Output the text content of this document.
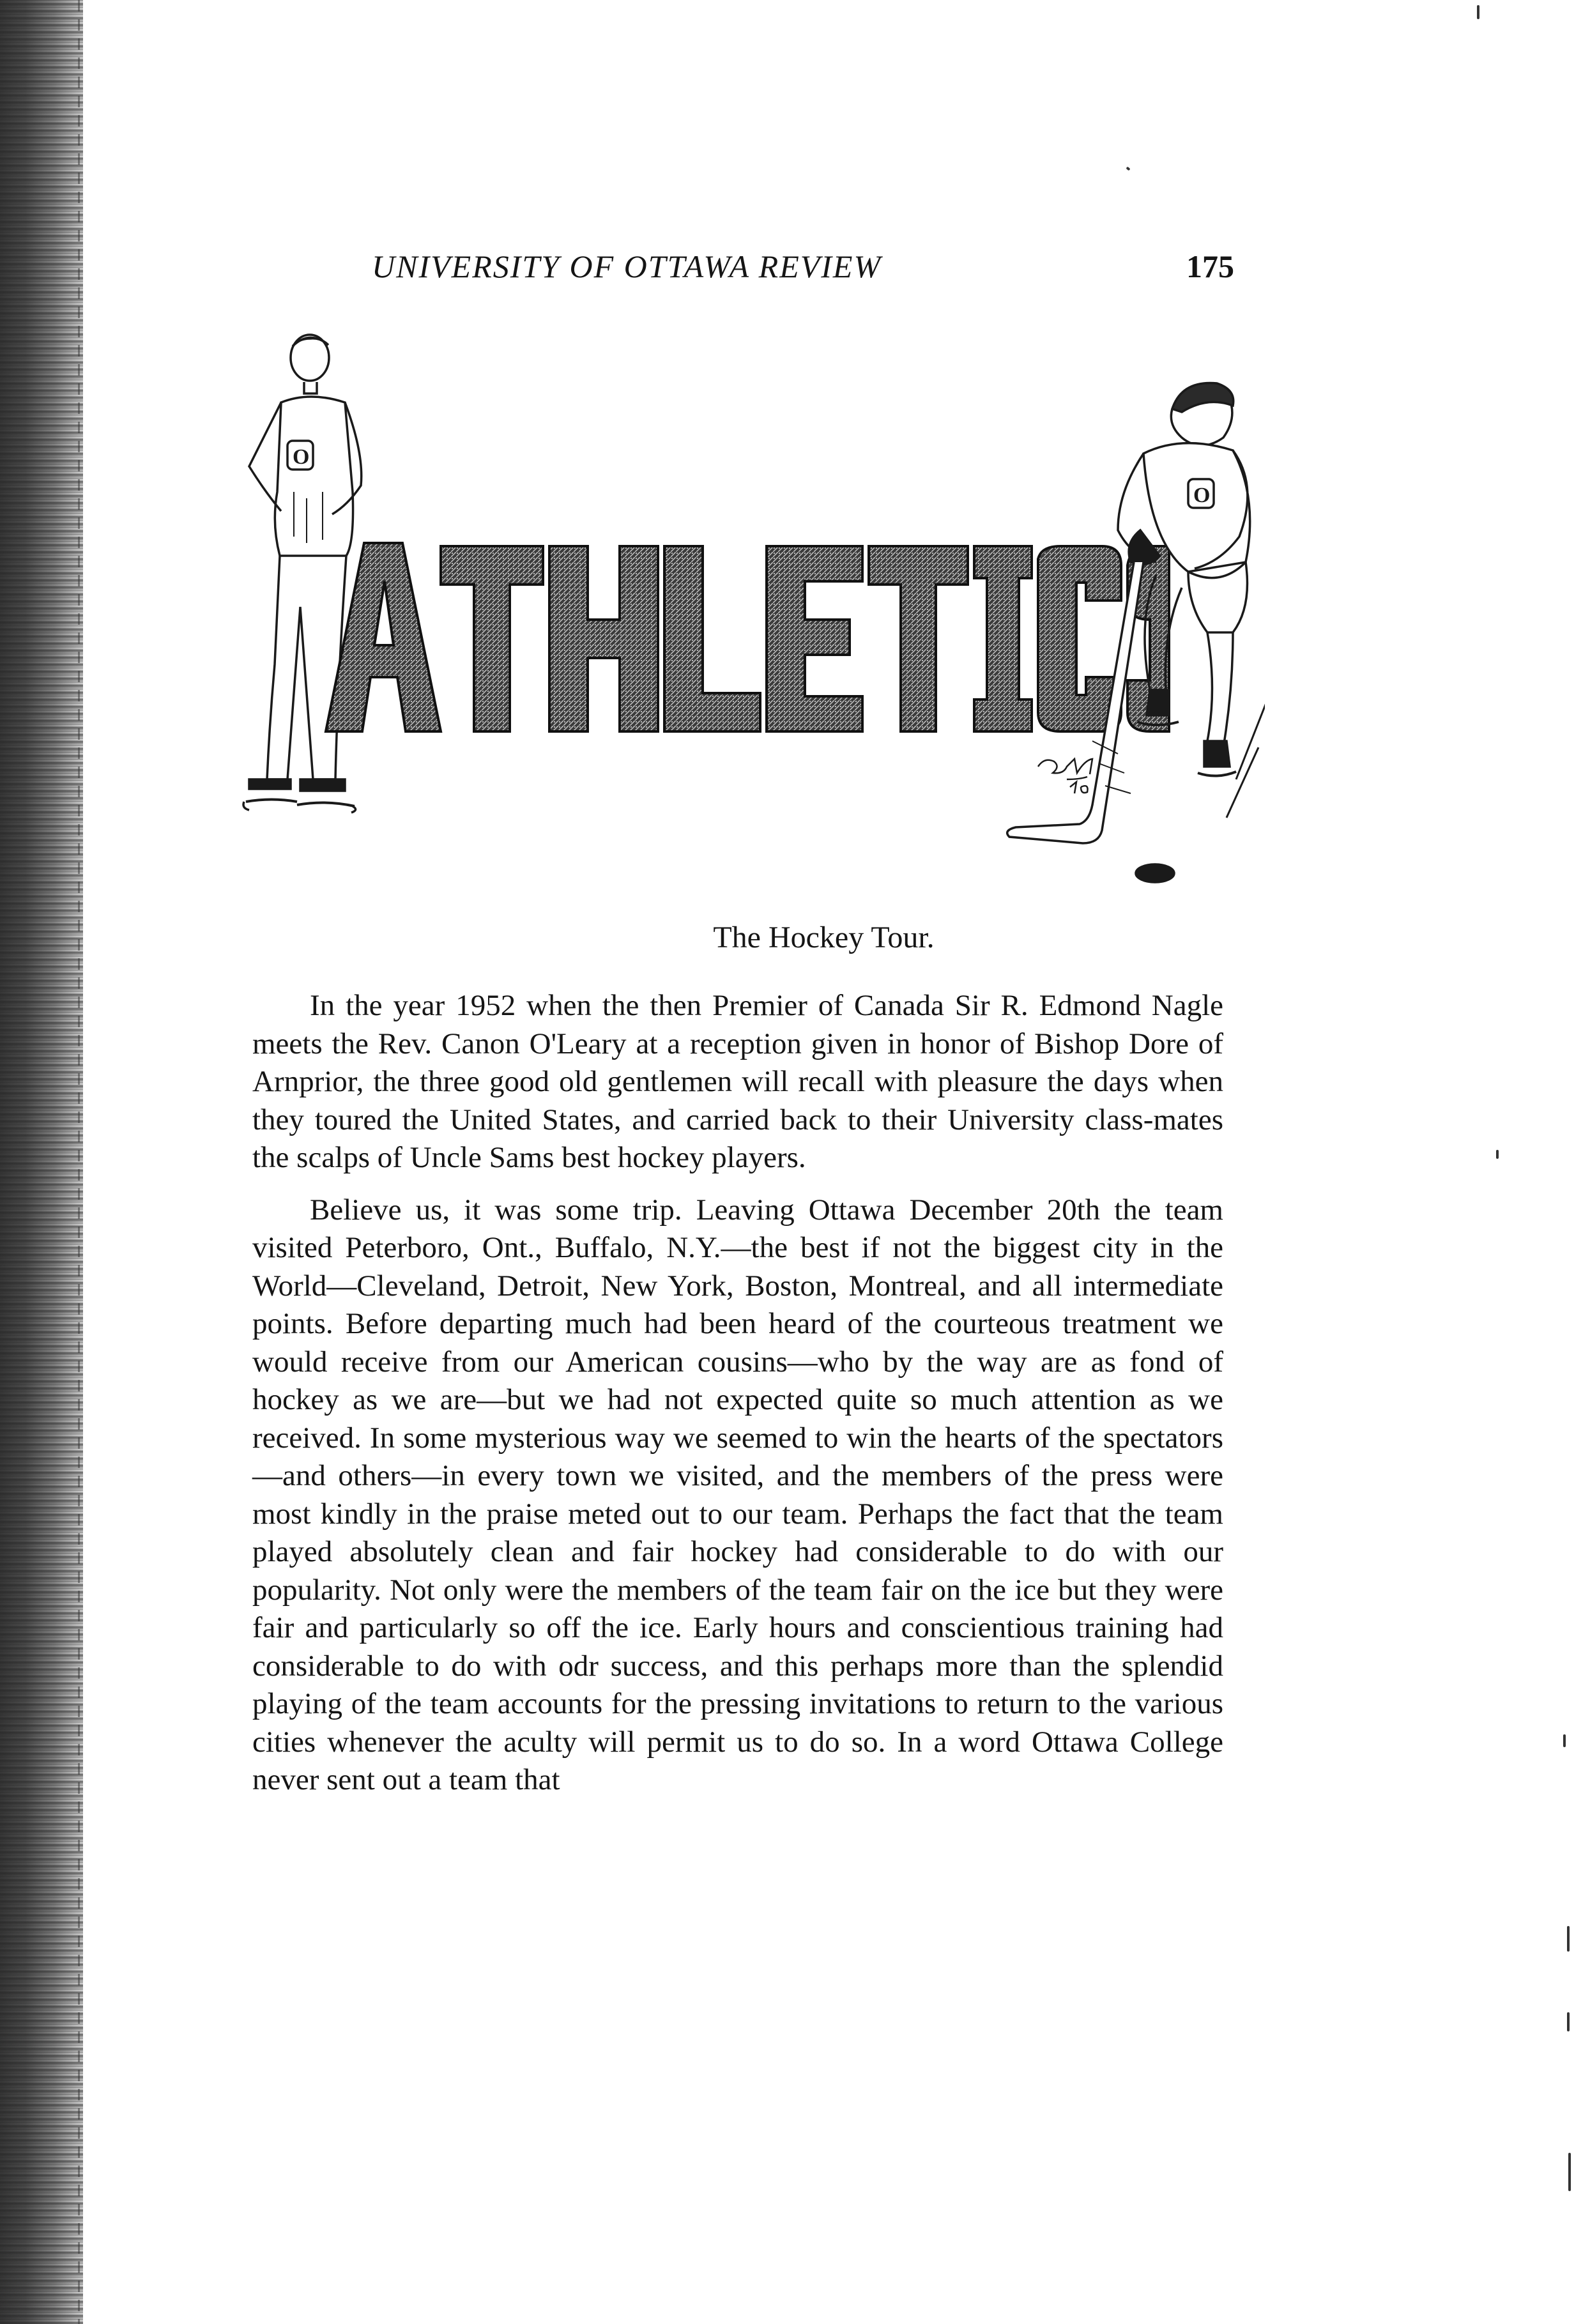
UNIVERSITY OF OTTAWA REVIEW	175
O
O
The Hockey Tour.

In the year 1952 when the then Premier of Canada Sir R. Edmond Nagle meets the Rev. Canon O'Leary at a reception given in honor of Bishop Dore of Arnprior, the three good old gentlemen will recall with pleasure the days when they toured the United States, and carried back to their University class-mates the scalps of Uncle Sams best hockey players.

Believe us, it was some trip. Leaving Ottawa December 20th the team visited Peterboro, Ont., Buffalo, N.Y.—the best if not the biggest city in the World—Cleveland, Detroit, New York, Boston, Montreal, and all intermediate points. Before departing much had been heard of the courteous treatment we would receive from our American cousins—who by the way are as fond of hockey as we are—but we had not expected quite so much attention as we received. In some mysterious way we seemed to win the hearts of the spectators—and others—in every town we visited, and the members of the press were most kindly in the praise meted out to our team. Perhaps the fact that the team played absolutely clean and fair hockey had considerable to do with our popularity. Not only were the members of the team fair on the ice but they were fair and particularly so off the ice. Early hours and conscientious training had considerable to do with odr success, and this perhaps more than the splendid playing of the team accounts for the pressing invitations to return to the various cities whenever the aculty will permit us to do so. In a word Ottawa College never sent out a team that
